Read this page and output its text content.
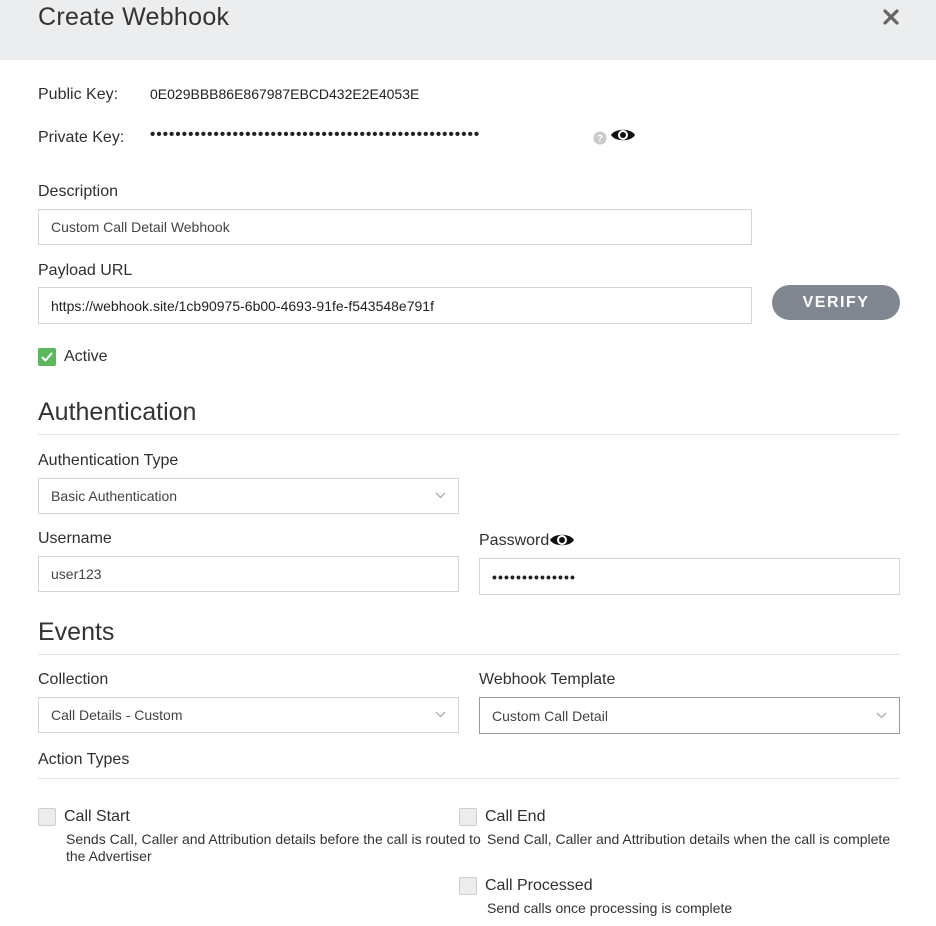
Create Webhook
Public Key: 0E029BBB86E867987EBCD432E2E4053E
Private Key: ••••••••••••••••••••••••••••••••••••••••••••••••••••	?
Description
Custom Call Detail Webhook
Payload URL
https://webhook.site/1cb90975-6b00-4693-91fe-f543548e791f	VERIFY
Active
Authentication
Authentication Type
Basic Authentication
Username
user123
Password
••••••••••••••
Events
Collection
Call Details - Custom
Webhook Template
Custom Call Detail
Action Types
Call Start
Sends Call, Caller and Attribution details before the call is routed to
the Advertiser
Call End
Send Call, Caller and Attribution details when the call is complete
Call Processed
Send calls once processing is complete
